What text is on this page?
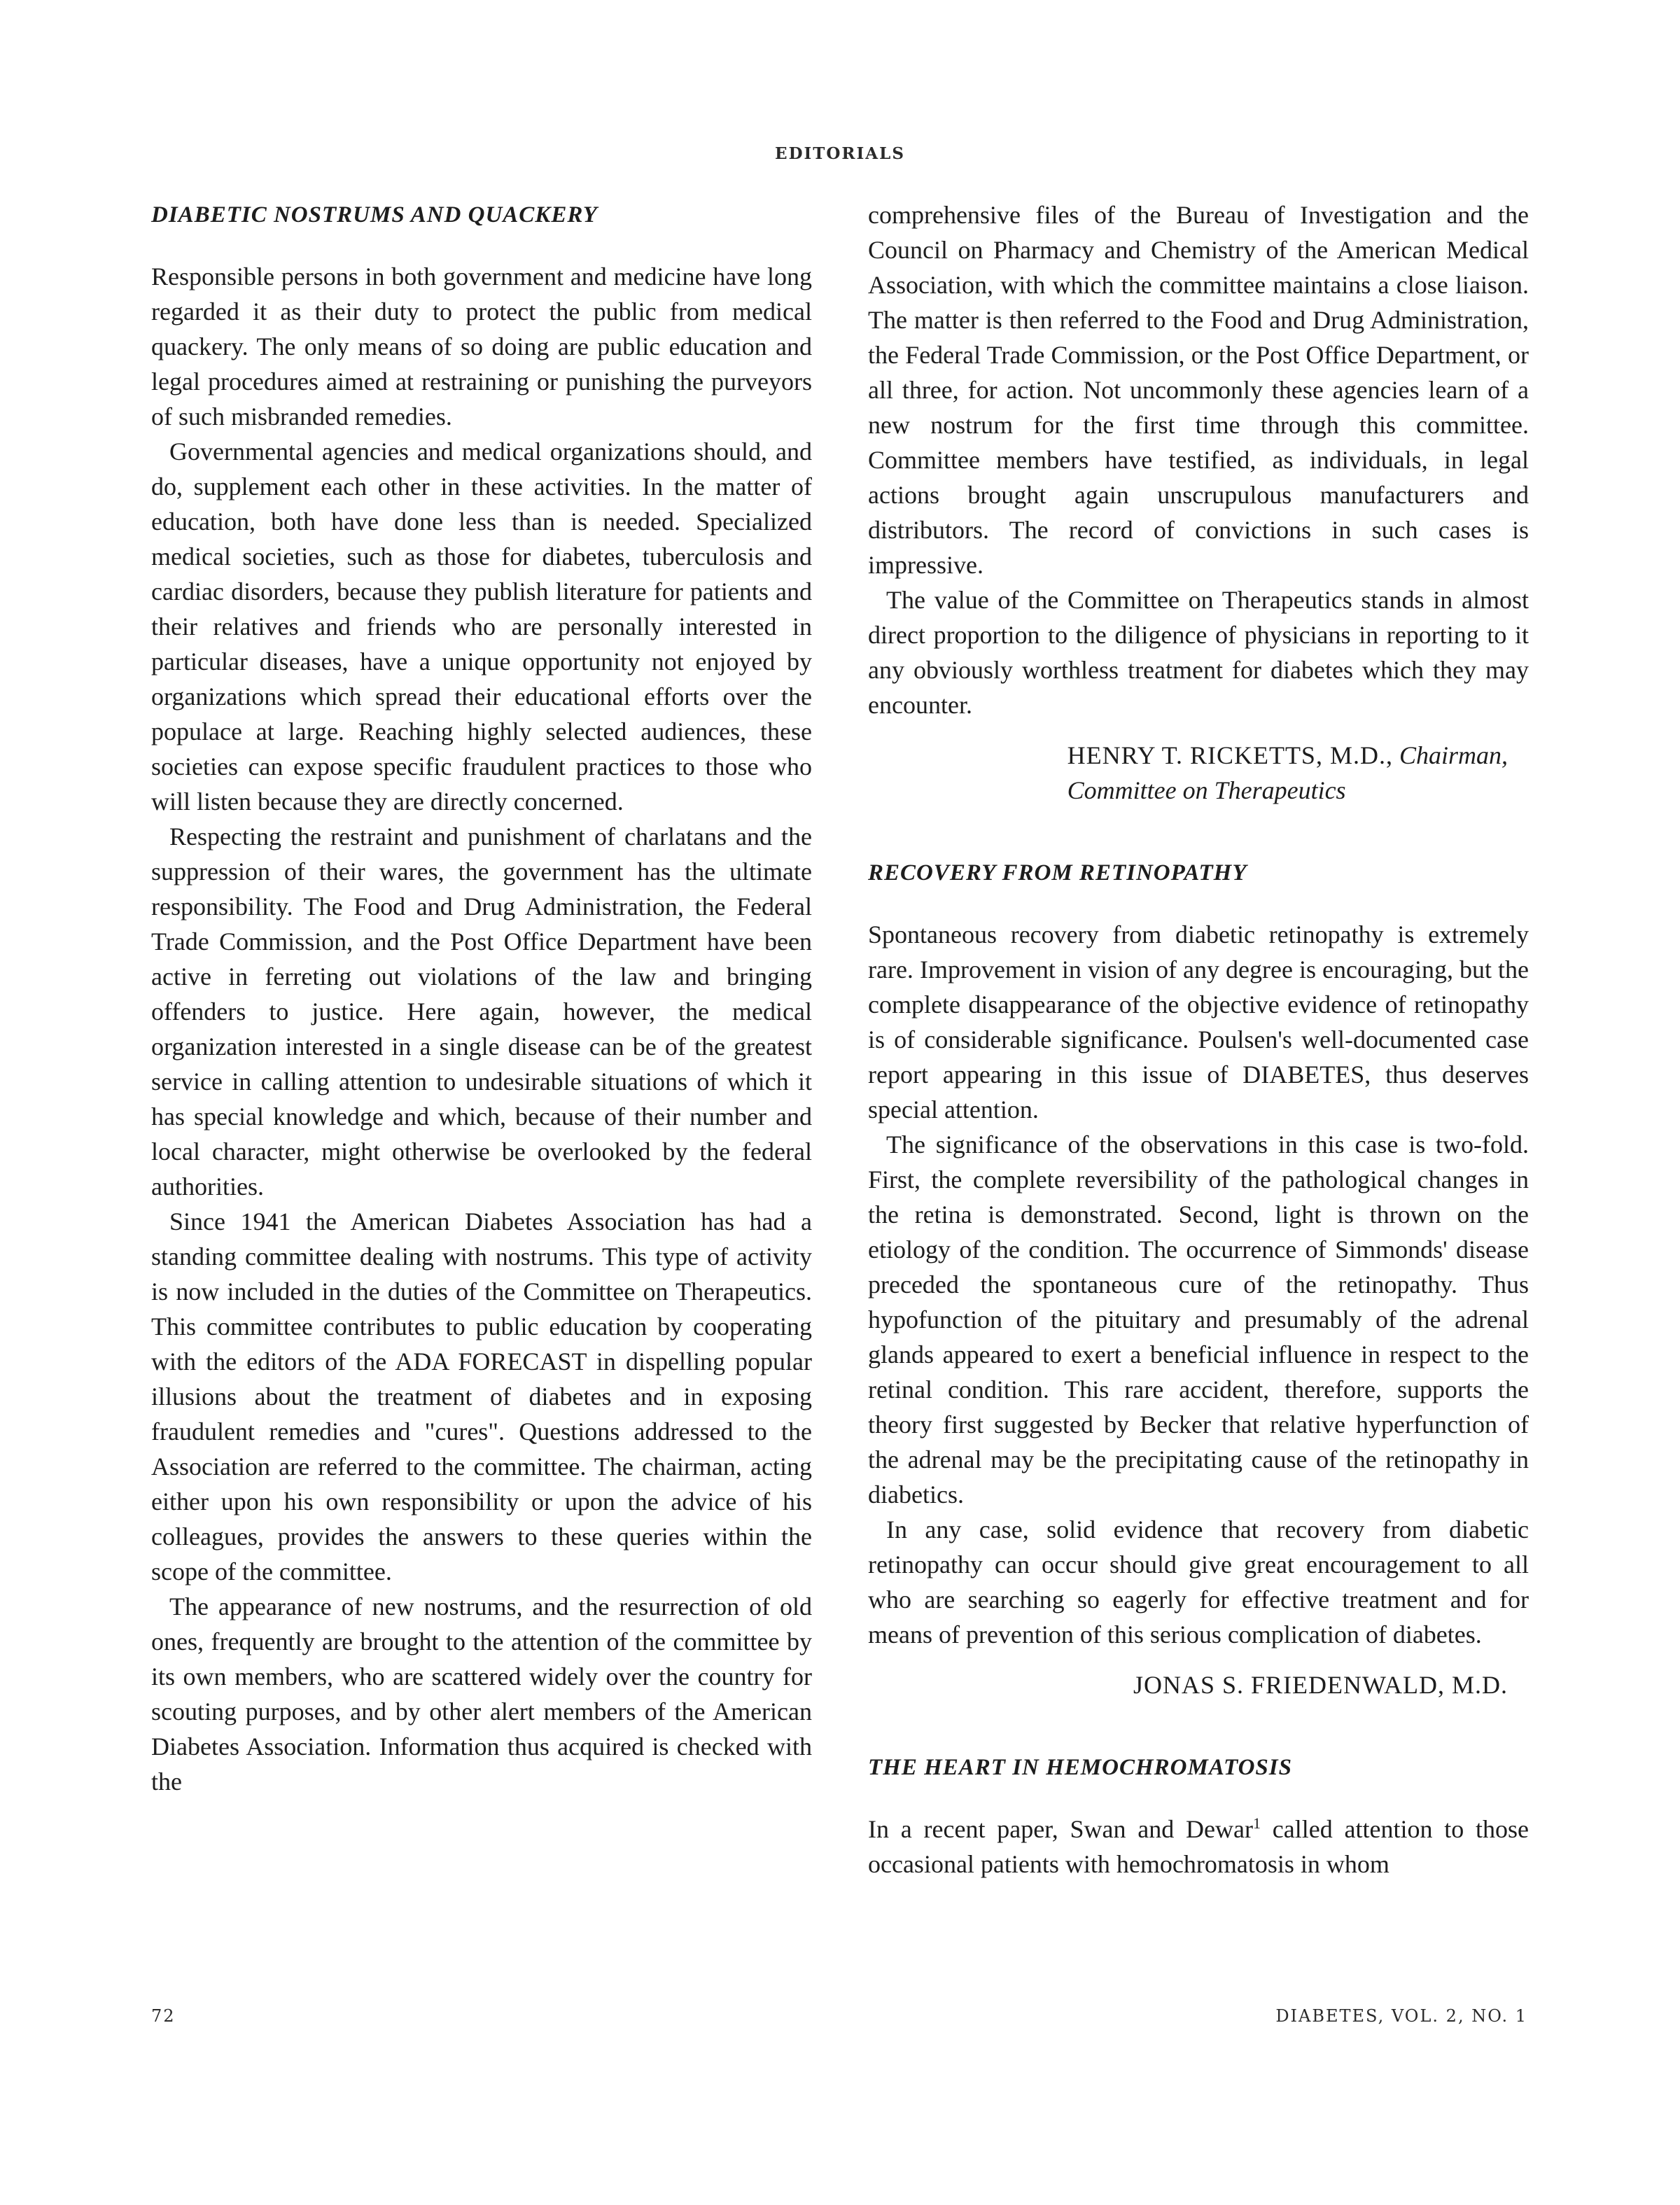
EDITORIALS
DIABETIC NOSTRUMS AND QUACKERY

Responsible persons in both government and medicine have long regarded it as their duty to protect the public from medical quackery. The only means of so doing are public education and legal procedures aimed at restraining or punishing the purveyors of such misbranded remedies.

Governmental agencies and medical organizations should, and do, supplement each other in these activities. In the matter of education, both have done less than is needed. Specialized medical societies, such as those for diabetes, tuberculosis and cardiac disorders, because they publish literature for patients and their relatives and friends who are personally interested in particular diseases, have a unique opportunity not enjoyed by organizations which spread their educational efforts over the populace at large. Reaching highly selected audiences, these societies can expose specific fraudulent practices to those who will listen because they are directly concerned.

Respecting the restraint and punishment of charlatans and the suppression of their wares, the government has the ultimate responsibility. The Food and Drug Administration, the Federal Trade Commission, and the Post Office Department have been active in ferreting out violations of the law and bringing offenders to justice. Here again, however, the medical organization interested in a single disease can be of the greatest service in calling attention to undesirable situations of which it has special knowledge and which, because of their number and local character, might otherwise be overlooked by the federal authorities.

Since 1941 the American Diabetes Association has had a standing committee dealing with nostrums. This type of activity is now included in the duties of the Committee on Therapeutics. This committee contributes to public education by cooperating with the editors of the ADA FORECAST in dispelling popular illusions about the treatment of diabetes and in exposing fraudulent remedies and "cures". Questions addressed to the Association are referred to the committee. The chairman, acting either upon his own responsibility or upon the advice of his colleagues, provides the answers to these queries within the scope of the committee.

The appearance of new nostrums, and the resurrection of old ones, frequently are brought to the attention of the committee by its own members, who are scattered widely over the country for scouting purposes, and by other alert members of the American Diabetes Association. Information thus acquired is checked with the

comprehensive files of the Bureau of Investigation and the Council on Pharmacy and Chemistry of the American Medical Association, with which the committee maintains a close liaison. The matter is then referred to the Food and Drug Administration, the Federal Trade Commission, or the Post Office Department, or all three, for action. Not uncommonly these agencies learn of a new nostrum for the first time through this committee. Committee members have testified, as individuals, in legal actions brought again unscrupulous manufacturers and distributors. The record of convictions in such cases is impressive.

The value of the Committee on Therapeutics stands in almost direct proportion to the diligence of physicians in reporting to it any obviously worthless treatment for diabetes which they may encounter.

HENRY T. RICKETTS, M.D., Chairman,
Committee on Therapeutics
RECOVERY FROM RETINOPATHY

Spontaneous recovery from diabetic retinopathy is extremely rare. Improvement in vision of any degree is encouraging, but the complete disappearance of the objective evidence of retinopathy is of considerable significance. Poulsen's well-documented case report appearing in this issue of DIABETES, thus deserves special attention.

The significance of the observations in this case is two-fold. First, the complete reversibility of the pathological changes in the retina is demonstrated. Second, light is thrown on the etiology of the condition. The occurrence of Simmonds' disease preceded the spontaneous cure of the retinopathy. Thus hypofunction of the pituitary and presumably of the adrenal glands appeared to exert a beneficial influence in respect to the retinal condition. This rare accident, therefore, supports the theory first suggested by Becker that relative hyperfunction of the adrenal may be the precipitating cause of the retinopathy in diabetics.

In any case, solid evidence that recovery from diabetic retinopathy can occur should give great encouragement to all who are searching so eagerly for effective treatment and for means of prevention of this serious complication of diabetes.

JONAS S. FRIEDENWALD, M.D.
THE HEART IN HEMOCHROMATOSIS

In a recent paper, Swan and Dewar$^1$ called attention to those occasional patients with hemochromatosis in whom

72	DIABETES, VOL. 2, NO. 1
